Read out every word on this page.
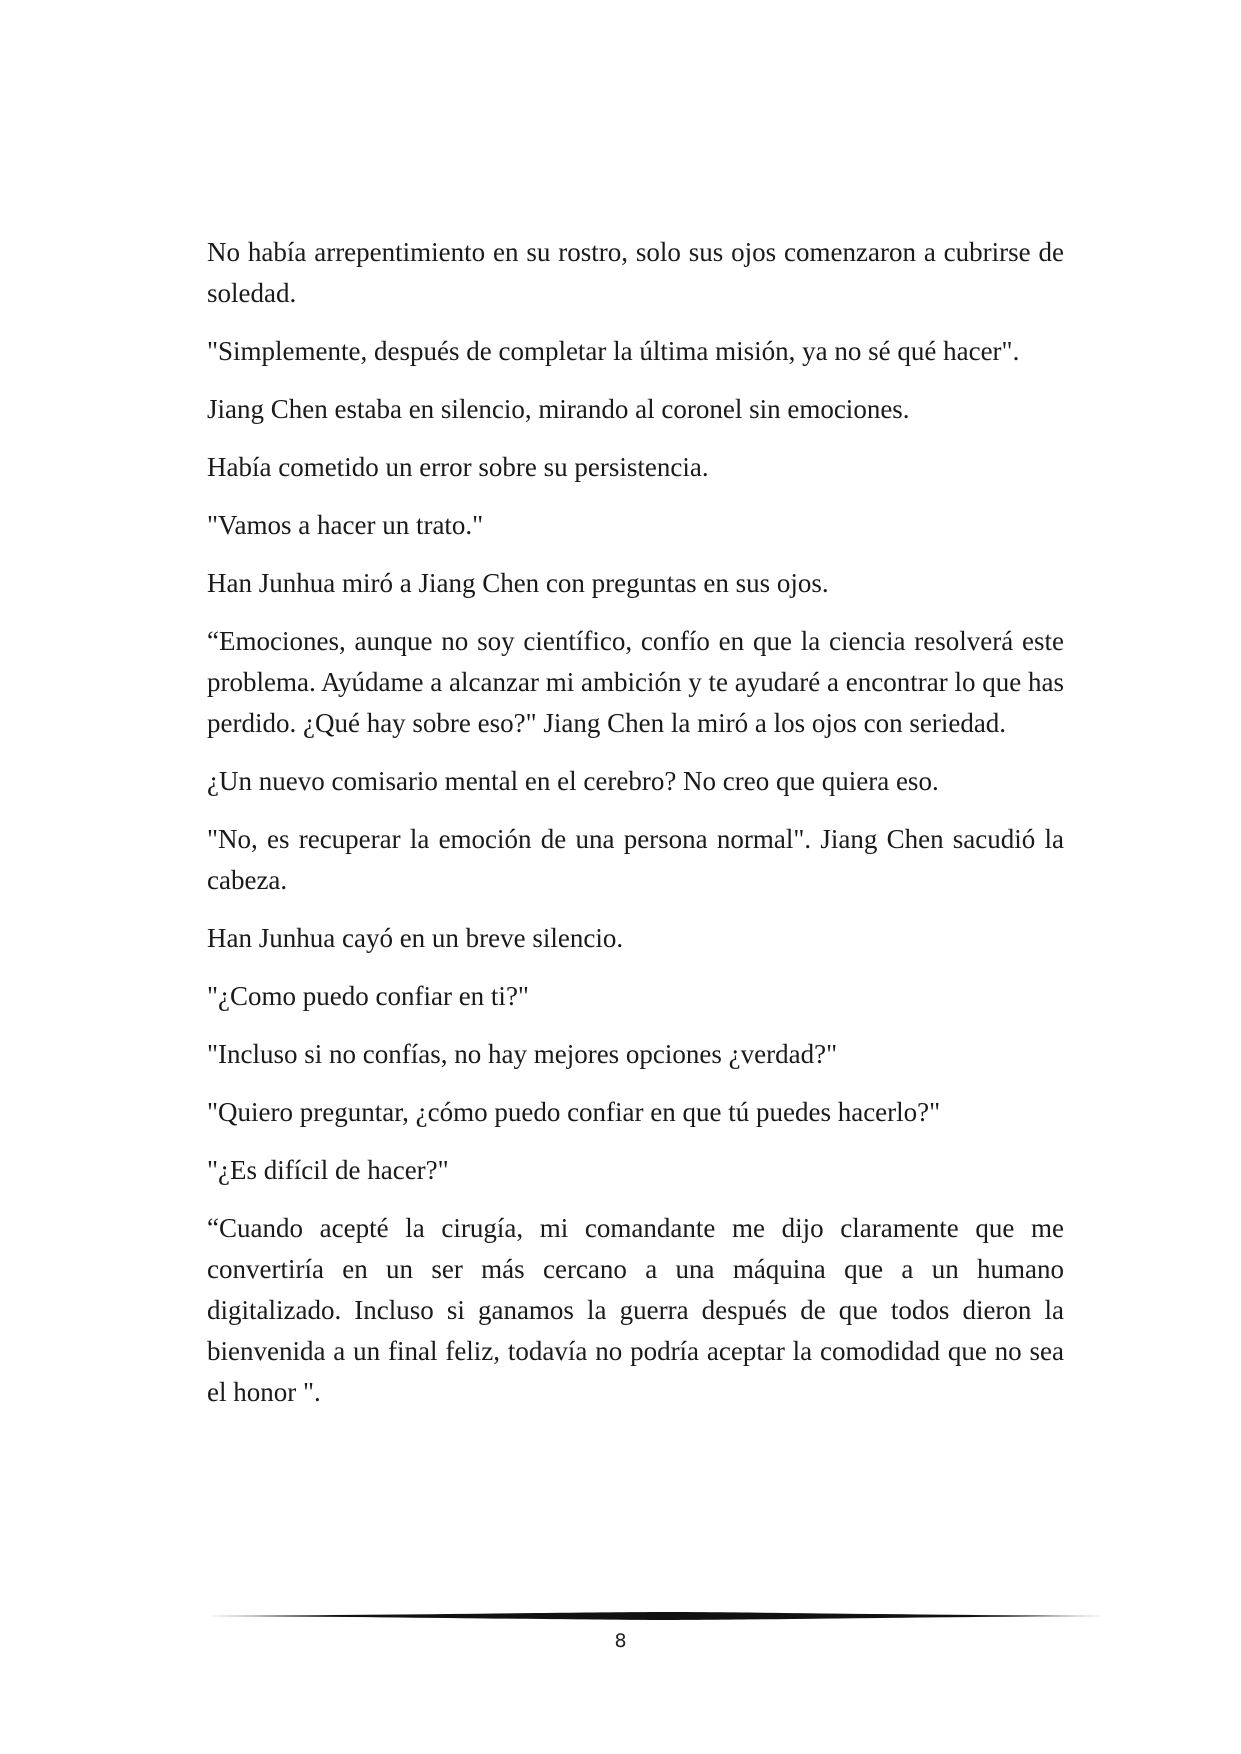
No había arrepentimiento en su rostro, solo sus ojos comenzaron a cubrirse de soledad.

"Simplemente, después de completar la última misión, ya no sé qué hacer".

Jiang Chen estaba en silencio, mirando al coronel sin emociones.

Había cometido un error sobre su persistencia.

"Vamos a hacer un trato."

Han Junhua miró a Jiang Chen con preguntas en sus ojos.

“Emociones, aunque no soy científico, confío en que la ciencia resolverá este problema. Ayúdame a alcanzar mi ambición y te ayudaré a encontrar lo que has perdido. ¿Qué hay sobre eso?" Jiang Chen la miró a los ojos con seriedad.

¿Un nuevo comisario mental en el cerebro? No creo que quiera eso.

"No, es recuperar la emoción de una persona normal". Jiang Chen sacudió la cabeza.

Han Junhua cayó en un breve silencio.

"¿Como puedo confiar en ti?"

"Incluso si no confías, no hay mejores opciones ¿verdad?"

"Quiero preguntar, ¿cómo puedo confiar en que tú puedes hacerlo?"

"¿Es difícil de hacer?"

“Cuando acepté la cirugía, mi comandante me dijo claramente que me convertiría en un ser más cercano a una máquina que a un humano digitalizado. Incluso si ganamos la guerra después de que todos dieron la bienvenida a un final feliz, todavía no podría aceptar la comodidad que no sea el honor ".

8
